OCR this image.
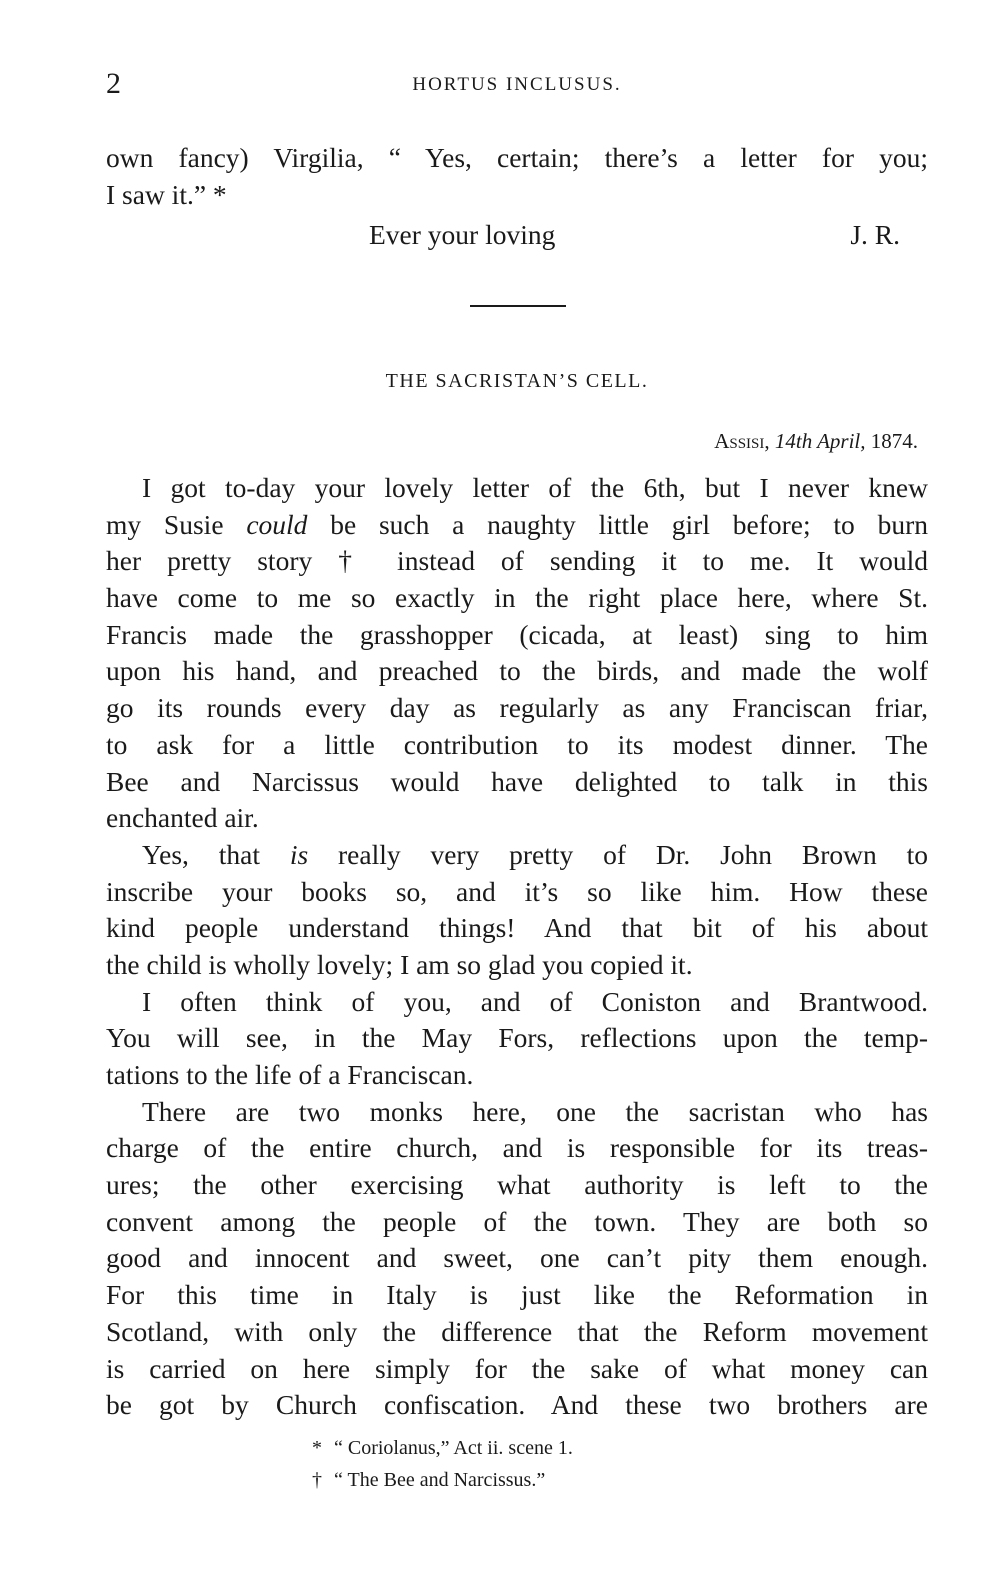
2	HORTUS INCLUSUS.
own fancy) Virgilia, “ Yes, certain; there’s a letter for you;
I saw it.” *
Ever your loving	J. R.
THE SACRISTAN’S CELL.
Assisi, 14th April, 1874.
I got to-day your lovely letter of the 6th, but I never knew
my Susie could be such a naughty little girl before; to burn
her pretty story † instead of sending it to me. It would
have come to me so exactly in the right place here, where St.
Francis made the grasshopper (cicada, at least) sing to him
upon his hand, and preached to the birds, and made the wolf
go its rounds every day as regularly as any Franciscan friar,
to ask for a little contribution to its modest dinner. The
Bee and Narcissus would have delighted to talk in this
enchanted air.
Yes, that is really very pretty of Dr. John Brown to
inscribe your books so, and it’s so like him. How these
kind people understand things! And that bit of his about
the child is wholly lovely; I am so glad you copied it.
I often think of you, and of Coniston and Brantwood.
You will see, in the May Fors, reflections upon the temp-
tations to the life of a Franciscan.
There are two monks here, one the sacristan who has
charge of the entire church, and is responsible for its treas-
ures; the other exercising what authority is left to the
convent among the people of the town. They are both so
good and innocent and sweet, one can’t pity them enough.
For this time in Italy is just like the Reformation in
Scotland, with only the difference that the Reform movement
is carried on here simply for the sake of what money can
be got by Church confiscation. And these two brothers are
* “ Coriolanus,” Act ii. scene 1.
† “ The Bee and Narcissus.”
